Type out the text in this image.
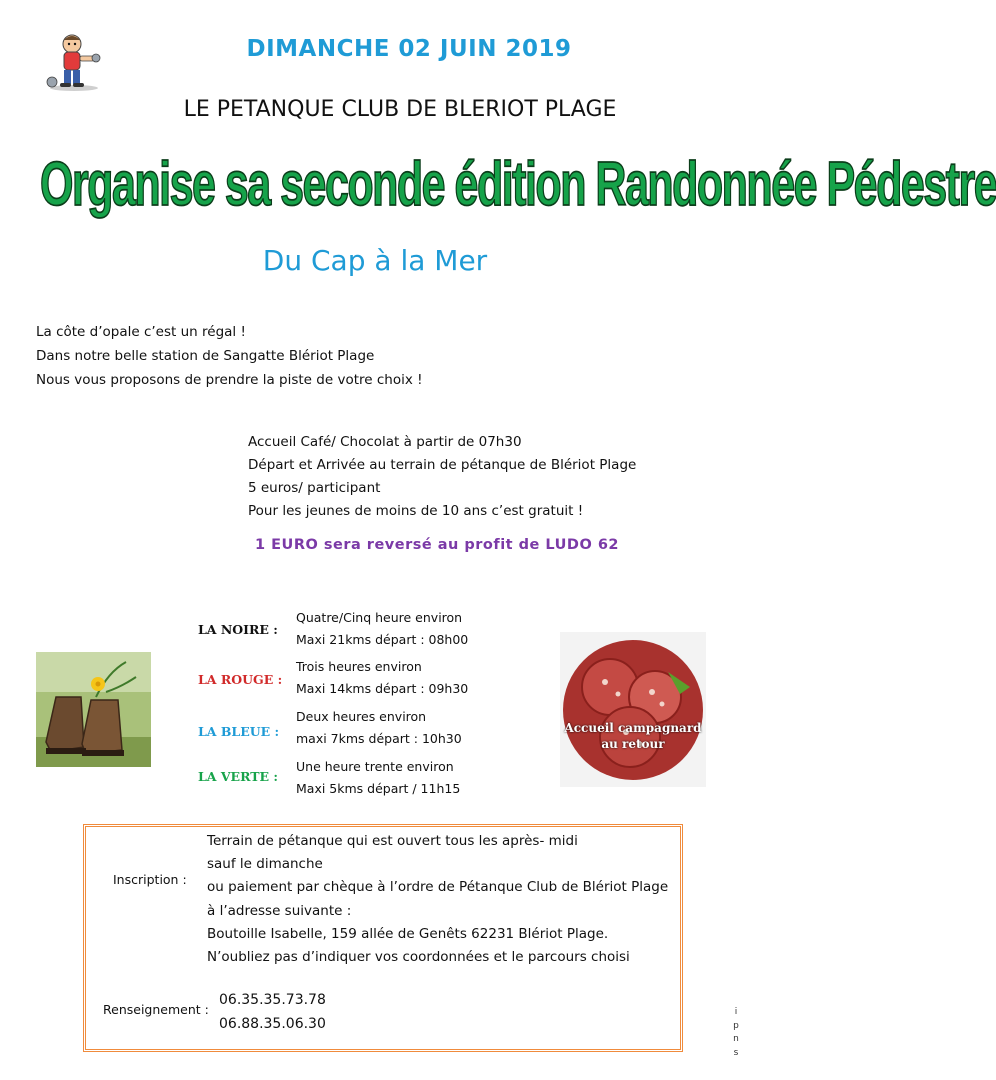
DIMANCHE 02 JUIN 2019
LE PETANQUE CLUB DE BLERIOT PLAGE
Organise sa seconde édition Randonnée Pédestre
Du Cap à la Mer
La côte d’opale c’est un régal !
Dans notre belle station de Sangatte Blériot Plage
Nous vous proposons de prendre la piste de votre choix !
Accueil Café/ Chocolat à partir de 07h30
Départ et Arrivée au terrain de pétanque de Blériot Plage
5 euros/ participant
Pour les jeunes de moins de 10 ans c’est gratuit !
1 EURO sera reversé au profit de LUDO 62
LA NOIRE :
Quatre/Cinq heure environ
Maxi 21kms départ : 08h00
LA ROUGE :
Trois heures environ
Maxi 14kms départ : 09h30
LA BLEUE :
Deux heures environ
maxi 7kms départ : 10h30
LA VERTE :
Une heure trente environ
Maxi 5kms départ / 11h15
Accueil campagnard
au retour
Inscription :
Terrain de pétanque qui est ouvert tous les après- midi
sauf le dimanche
ou paiement par chèque à l’ordre de Pétanque Club de Blériot Plage
à l’adresse suivante :
Boutoille Isabelle, 159 allée de Genêts 62231 Blériot Plage.
N’oubliez pas d’indiquer vos coordonnées et le parcours choisi
Renseignement :
06.35.35.73.78
06.88.35.06.30
i
p
n
s
